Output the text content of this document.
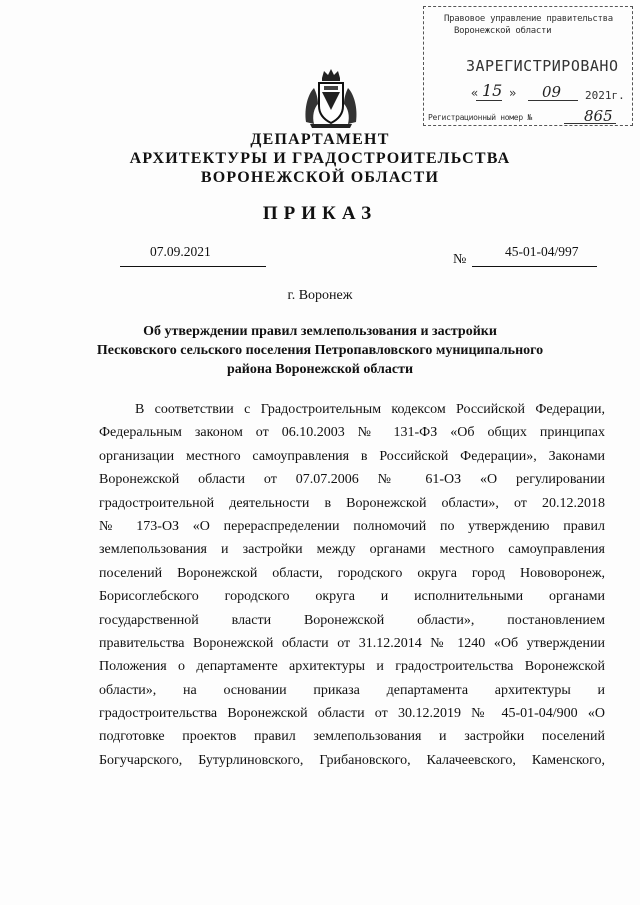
Правовое управление правительства
Воронежской области
ЗАРЕГИСТРИРОВАНО
« 15 » 09 2021г.
Регистрационный номер №	865
ДЕПАРТАМЕНТ
АРХИТЕКТУРЫ И ГРАДОСТРОИТЕЛЬСТВА
ВОРОНЕЖСКОЙ ОБЛАСТИ
ПРИКАЗ
07.09.2021
№
45-01-04/997
г. Воронеж
Об утверждении правил землепользования и застройки
Песковского сельского поселения Петропавловского муниципального
района Воронежской области
В соответствии с Градостроительным кодексом Российской Федерации,
Федеральным законом от 06.10.2003 № 131-ФЗ «Об общих принципах
организации местного самоуправления в Российской Федерации», Законами
Воронежской области от 07.07.2006 № 61-ОЗ «О регулировании
градостроительной деятельности в Воронежской области», от 20.12.2018
№ 173-ОЗ «О перераспределении полномочий по утверждению правил
землепользования и застройки между органами местного самоуправления
поселений Воронежской области, городского округа город Нововоронеж,
Борисоглебского городского округа и исполнительными органами
государственной власти Воронежской области», постановлением
правительства Воронежской области от 31.12.2014 № 1240 «Об утверждении
Положения о департаменте архитектуры и градостроительства Воронежской
области», на основании приказа департамента архитектуры и
градостроительства Воронежской области от 30.12.2019 № 45-01-04/900 «О
подготовке проектов правил землепользования и застройки поселений
Богучарского, Бутурлиновского, Грибановского, Калачеевского, Каменского,
